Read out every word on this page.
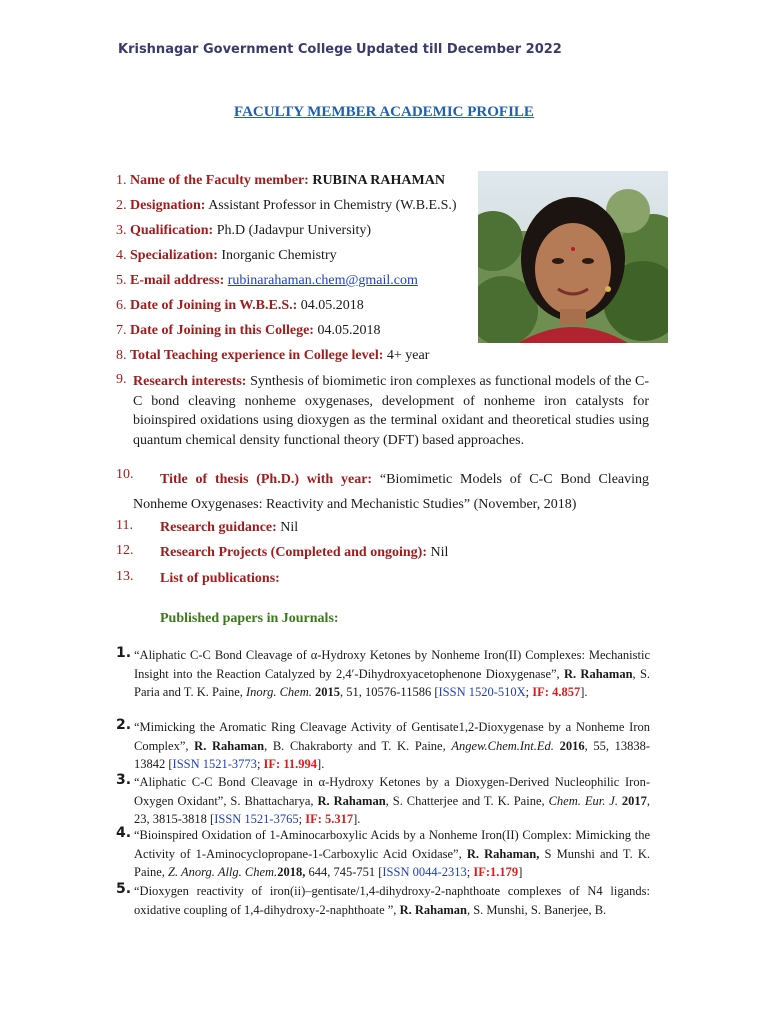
Krishnagar Government College Updated till December 2022
FACULTY MEMBER ACADEMIC PROFILE
1. Name of the Faculty member: RUBINA RAHAMAN
2. Designation: Assistant Professor in Chemistry (W.B.E.S.)
3. Qualification: Ph.D (Jadavpur University)
4. Specialization: Inorganic Chemistry
5. E-mail address: rubinarahaman.chem@gmail.com
6. Date of Joining in W.B.E.S.: 04.05.2018
7. Date of Joining in this College: 04.05.2018
8. Total Teaching experience in College level: 4+ year
9. Research interests: Synthesis of biomimetic iron complexes as functional models of the C-C bond cleaving nonheme oxygenases, development of nonheme iron catalysts for bioinspired oxidations using dioxygen as the terminal oxidant and theoretical studies using quantum chemical density functional theory (DFT) based approaches.
10.	Title of thesis (Ph.D.) with year: “Biomimetic Models of C-C Bond Cleaving Nonheme Oxygenases: Reactivity and Mechanistic Studies” (November, 2018)
11. Research guidance: Nil
12. Research Projects (Completed and ongoing): Nil
13. List of publications:
Published papers in Journals:
1. “Aliphatic C-C Bond Cleavage of α-Hydroxy Ketones by Nonheme Iron(II) Complexes: Mechanistic Insight into the Reaction Catalyzed by 2,4′-Dihydroxyacetophenone Dioxygenase”, R. Rahaman, S. Paria and T. K. Paine, Inorg. Chem. 2015, 51, 10576-11586 [ISSN 1520-510X; IF: 4.857].
2. “Mimicking the Aromatic Ring Cleavage Activity of Gentisate1,2-Dioxygenase by a Nonheme Iron Complex”, R. Rahaman, B. Chakraborty and T. K. Paine, Angew.Chem.Int.Ed. 2016, 55, 13838-13842 [ISSN 1521-3773; IF: 11.994].
3. “Aliphatic C-C Bond Cleavage in α-Hydroxy Ketones by a Dioxygen-Derived Nucleophilic Iron-Oxygen Oxidant”, S. Bhattacharya, R. Rahaman, S. Chatterjee and T. K. Paine, Chem. Eur. J. 2017, 23, 3815-3818 [ISSN 1521-3765; IF: 5.317].
4. “Bioinspired Oxidation of 1-Aminocarboxylic Acids by a Nonheme Iron(II) Complex: Mimicking the Activity of 1-Aminocyclopropane-1-Carboxylic Acid Oxidase”, R. Rahaman, S Munshi and T. K. Paine, Z. Anorg. Allg. Chem.2018, 644, 745-751 [ISSN 0044-2313; IF:1.179]
5. “Dioxygen reactivity of iron(ii)–gentisate/1,4-dihydroxy-2-naphthoate complexes of N4 ligands: oxidative coupling of 1,4-dihydroxy-2-naphthoate ”, R. Rahaman, S. Munshi, S. Banerjee, B.
